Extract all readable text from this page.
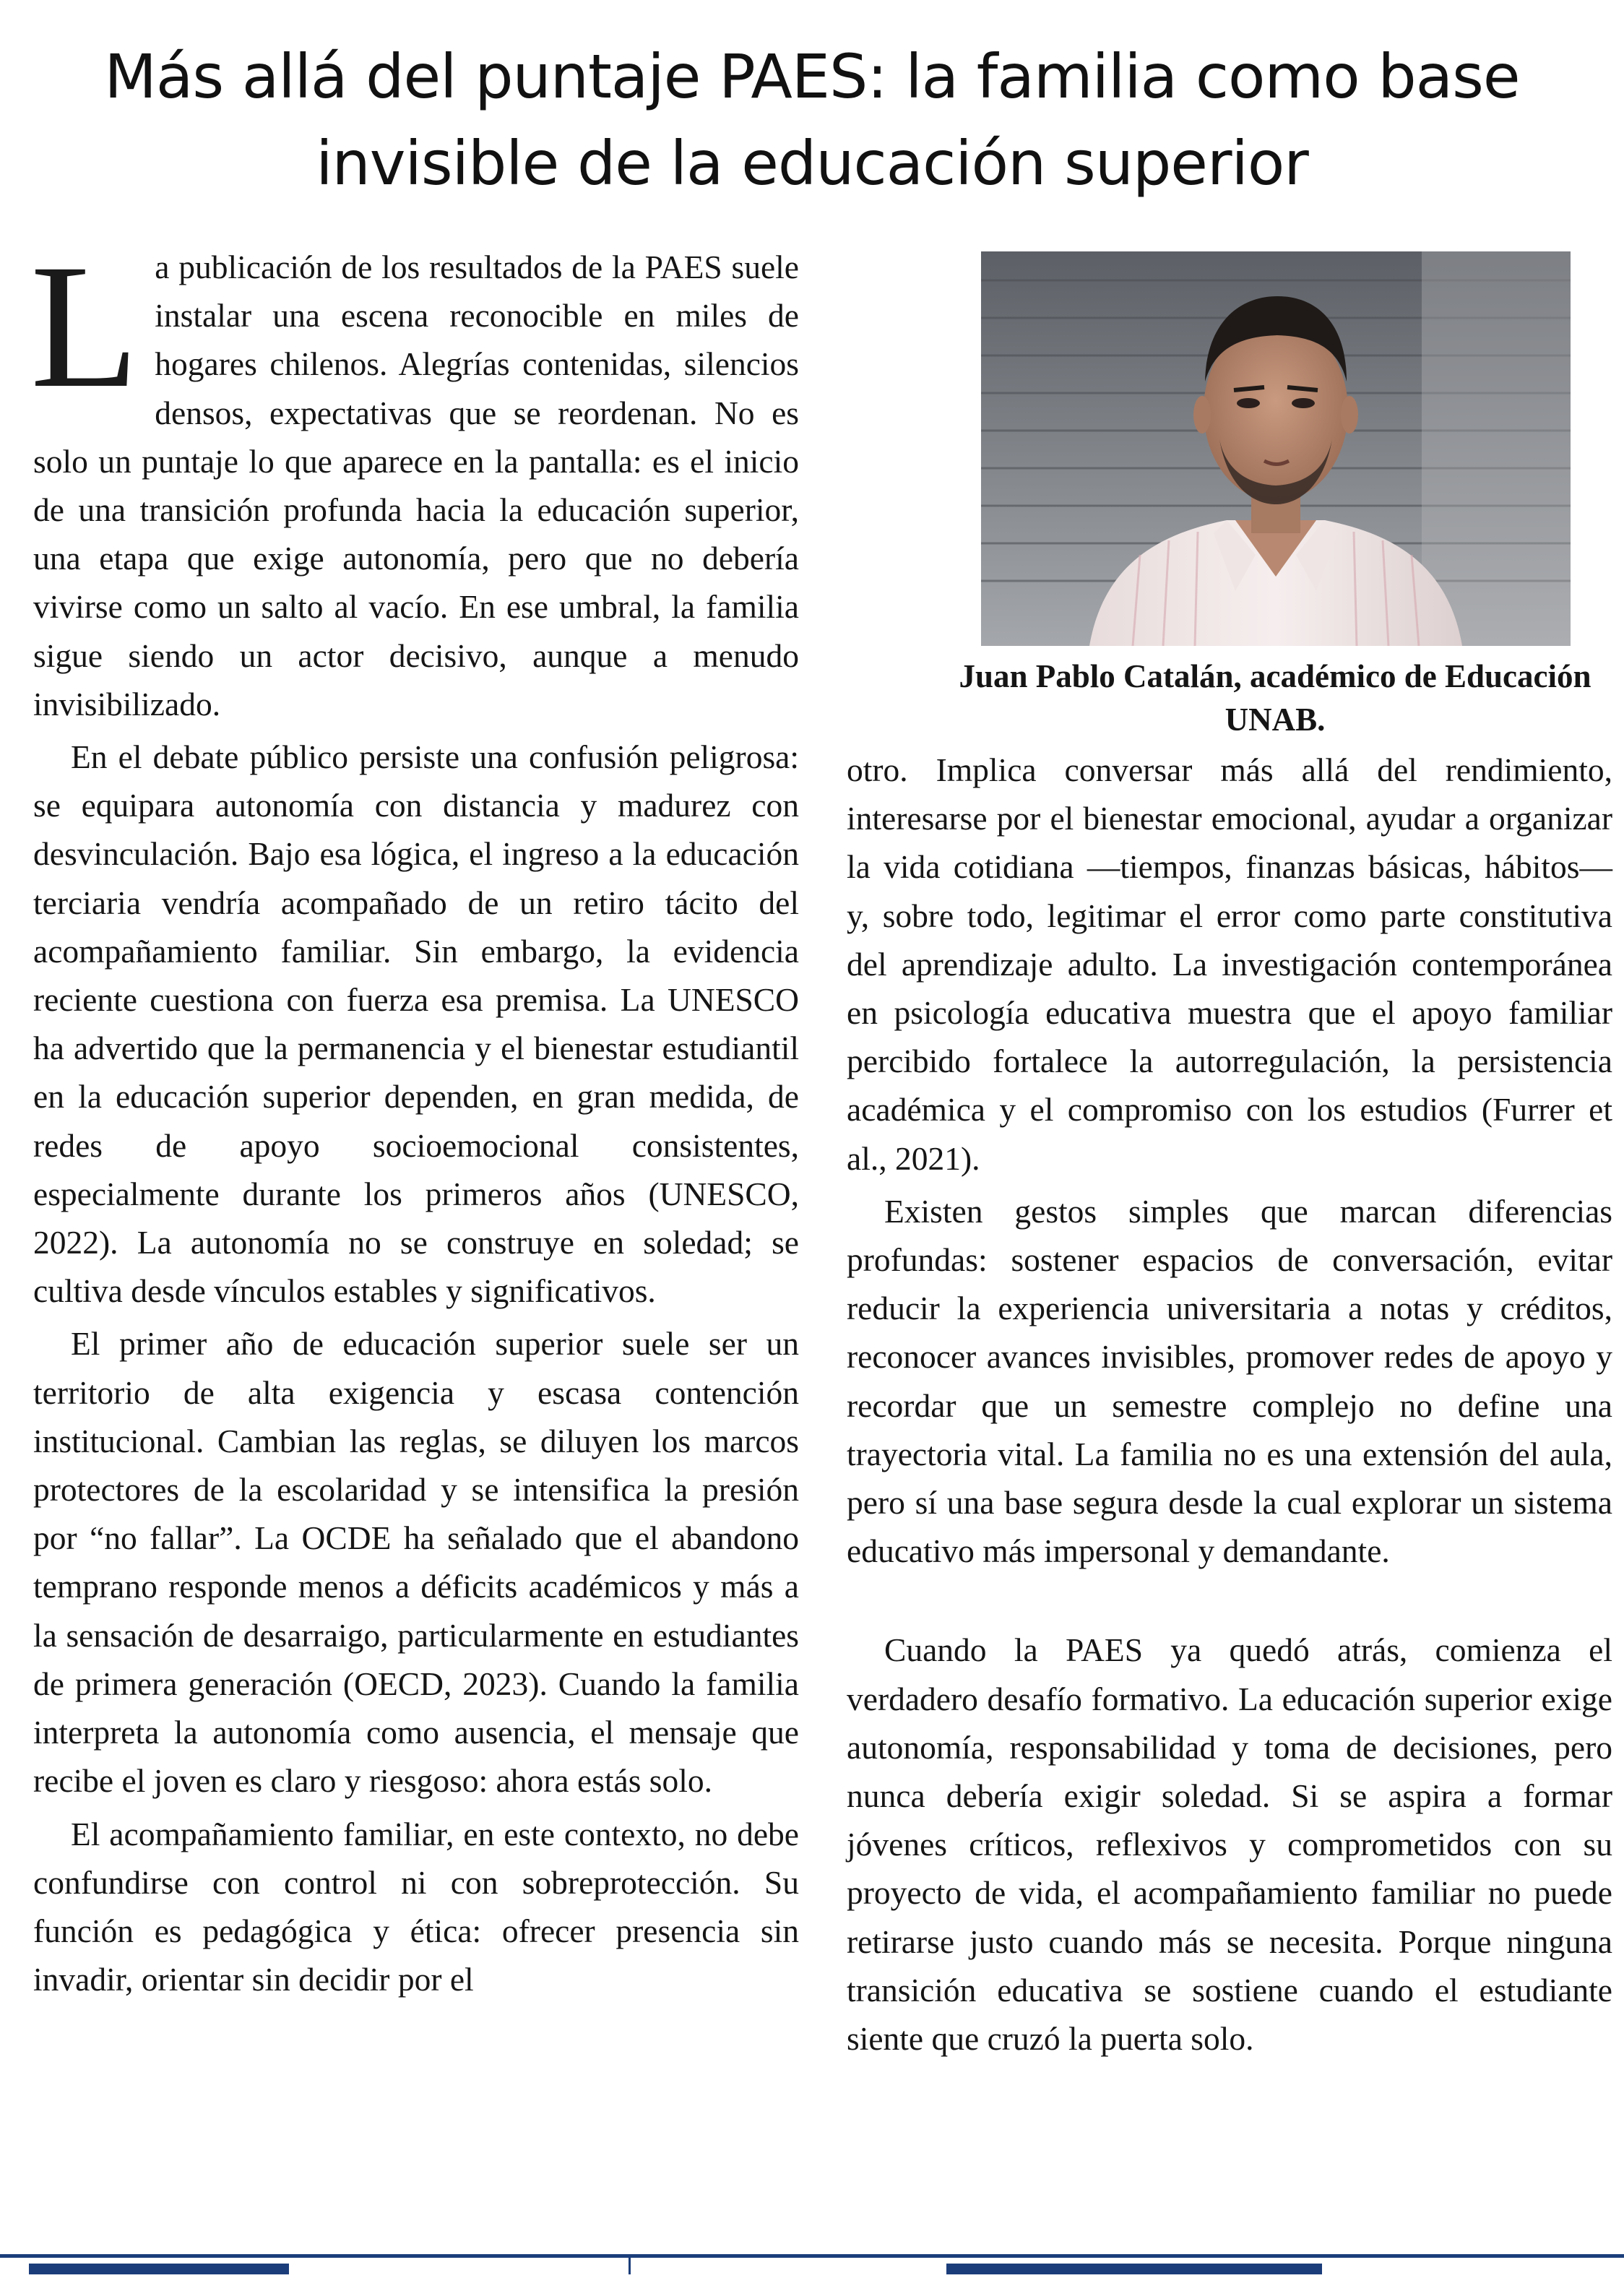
Más allá del puntaje PAES: la familia como base invisible de la educación superior

La publicación de los resultados de la PAES suele instalar una escena reconocible en miles de hogares chilenos. Alegrías contenidas, silencios densos, expectativas que se reordenan. No es solo un puntaje lo que aparece en la pantalla: es el inicio de una transición profunda hacia la educación superior, una etapa que exige autonomía, pero que no debería vivirse como un salto al vacío. En ese umbral, la familia sigue siendo un actor decisivo, aunque a menudo invisibilizado.

En el debate público persiste una confusión peligrosa: se equipara autonomía con distancia y madurez con desvinculación. Bajo esa lógica, el ingreso a la educación terciaria vendría acompañado de un retiro tácito del acompañamiento familiar. Sin embargo, la evidencia reciente cuestiona con fuerza esa premisa. La UNESCO ha advertido que la permanencia y el bienestar estudiantil en la educación superior dependen, en gran medida, de redes de apoyo socioemocional consistentes, especialmente durante los primeros años (UNESCO, 2022). La autonomía no se construye en soledad; se cultiva desde vínculos estables y significativos.

El primer año de educación superior suele ser un territorio de alta exigencia y escasa contención institucional. Cambian las reglas, se diluyen los marcos protectores de la escolaridad y se intensifica la presión por “no fallar”. La OCDE ha señalado que el abandono temprano responde menos a déficits académicos y más a la sensación de desarraigo, particularmente en estudiantes de primera generación (OECD, 2023). Cuando la familia interpreta la autonomía como ausencia, el mensaje que recibe el joven es claro y riesgoso: ahora estás solo.

El acompañamiento familiar, en este contexto, no debe confundirse con control ni con sobreprotección. Su función es pedagógica y ética: ofrecer presencia sin invadir, orientar sin decidir por el

Juan Pablo Catalán, académico de Educación UNAB.

otro. Implica conversar más allá del rendimiento, interesarse por el bienestar emocional, ayudar a organizar la vida cotidiana —tiempos, finanzas básicas, hábitos— y, sobre todo, legitimar el error como parte constitutiva del aprendizaje adulto. La investigación contemporánea en psicología educativa muestra que el apoyo familiar percibido fortalece la autorregulación, la persistencia académica y el compromiso con los estudios (Furrer et al., 2021).

Existen gestos simples que marcan diferencias profundas: sostener espacios de conversación, evitar reducir la experiencia universitaria a notas y créditos, reconocer avances invisibles, promover redes de apoyo y recordar que un semestre complejo no define una trayectoria vital. La familia no es una extensión del aula, pero sí una base segura desde la cual explorar un sistema educativo más impersonal y demandante.

Cuando la PAES ya quedó atrás, comienza el verdadero desafío formativo. La educación superior exige autonomía, responsabilidad y toma de decisiones, pero nunca debería exigir soledad. Si se aspira a formar jóvenes críticos, reflexivos y comprometidos con su proyecto de vida, el acompañamiento familiar no puede retirarse justo cuando más se necesita. Porque ninguna transición educativa se sostiene cuando el estudiante siente que cruzó la puerta solo.
